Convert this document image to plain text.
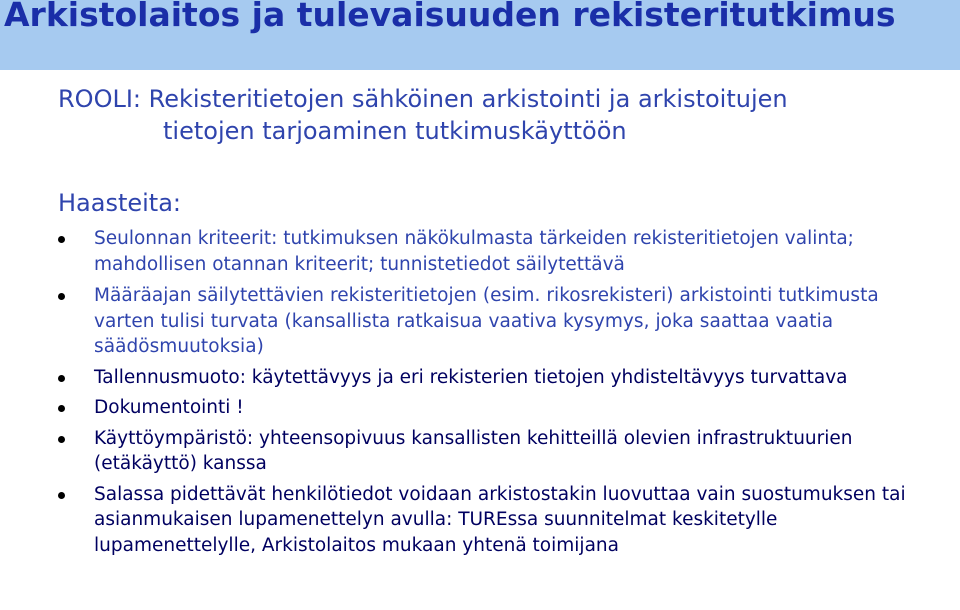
Arkistolaitos ja tulevaisuuden rekisteritutkimus
ROOLI: Rekisteritietojen sähköinen arkistointi ja arkistoitujen
tietojen tarjoaminen tutkimuskäyttöön
Haasteita:
Seulonnan kriteerit: tutkimuksen näkökulmasta tärkeiden rekisteritietojen valinta; mahdollisen otannan kriteerit; tunnistetiedot säilytettävä
Määräajan säilytettävien rekisteritietojen (esim. rikosrekisteri) arkistointi tutkimusta varten tulisi turvata (kansallista ratkaisua vaativa kysymys, joka saattaa vaatia säädösmuutoksia)
Tallennusmuoto: käytettävyys ja eri rekisterien tietojen yhdisteltävyys turvattava
Dokumentointi !
Käyttöympäristö: yhteensopivuus kansallisten kehitteillä olevien infrastruktuurien (etäkäyttö) kanssa
Salassa pidettävät henkilötiedot voidaan arkistostakin luovuttaa vain suostumuksen tai asianmukaisen lupamenettelyn avulla: TUREssa suunnitelmat keskitetylle lupamenettelylle, Arkistolaitos mukaan yhtenä toimijana
